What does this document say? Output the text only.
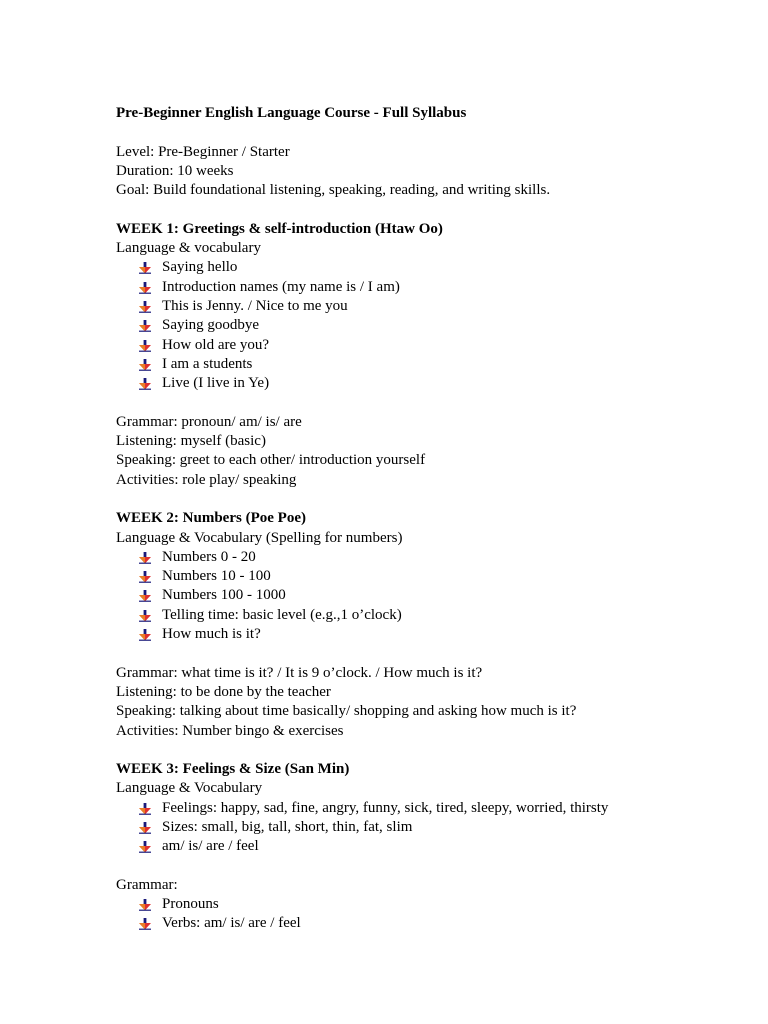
Pre-Beginner English Language Course - Full Syllabus
Level: Pre-Beginner / Starter
Duration: 10 weeks
Goal: Build foundational listening, speaking, reading, and writing skills.
WEEK 1: Greetings & self-introduction (Htaw Oo)
Language & vocabulary
Saying hello
Introduction names (my name is / I am)
This is Jenny. / Nice to me you
Saying goodbye
How old are you?
I am a students
Live (I live in Ye)
Grammar: pronoun/ am/ is/ are
Listening: myself (basic)
Speaking: greet to each other/ introduction yourself
Activities: role play/ speaking
WEEK 2: Numbers (Poe Poe)
Language & Vocabulary (Spelling for numbers)
Numbers 0 - 20
Numbers 10 - 100
Numbers 100 - 1000
Telling time: basic level (e.g.,1 o’clock)
How much is it?
Grammar: what time is it? / It is 9 o’clock. / How much is it?
Listening: to be done by the teacher
Speaking: talking about time basically/ shopping and asking how much is it?
Activities: Number bingo & exercises
WEEK 3: Feelings & Size (San Min)
Language & Vocabulary
Feelings: happy, sad, fine, angry, funny, sick, tired, sleepy, worried, thirsty
Sizes: small, big, tall, short, thin, fat, slim
am/ is/ are / feel
Grammar:
Pronouns
Verbs: am/ is/ are / feel
